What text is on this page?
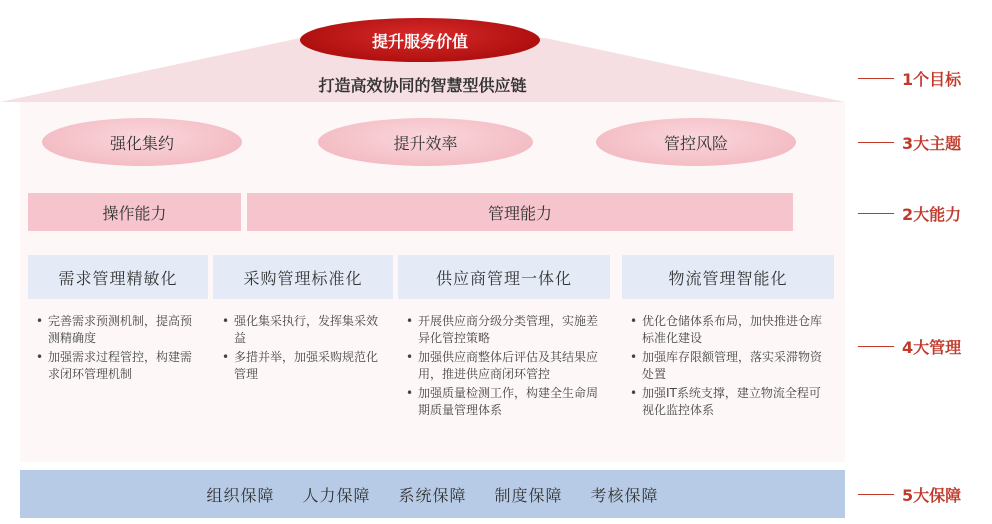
提升服务价值
打造高效协同的智慧型供应链
强化集约	提升效率	管控风险
操作能力	管理能力
需求管理精敏化	采购管理标准化	供应商管理一体化	物流管理智能化
• 完善需求预测机制，提高预测精确度
• 加强需求过程管控，构建需求闭环管理机制
• 强化集采执行，发挥集采效益
• 多措并举，加强采购规范化管理
• 开展供应商分级分类管理，实施差异化管控策略
• 加强供应商整体后评估及其结果应用，推进供应商闭环管控
• 加强质量检测工作，构建全生命周期质量管理体系
• 优化仓储体系布局，加快推进仓库标准化建设
• 加强库存限额管理，落实采滞物资处置
• 加强IT系统支撑，建立物流全程可视化监控体系
组织保障 人力保障 系统保障 制度保障 考核保障
1个 目标
3大 主题
2大 能力
4大 管理
5大 保障
